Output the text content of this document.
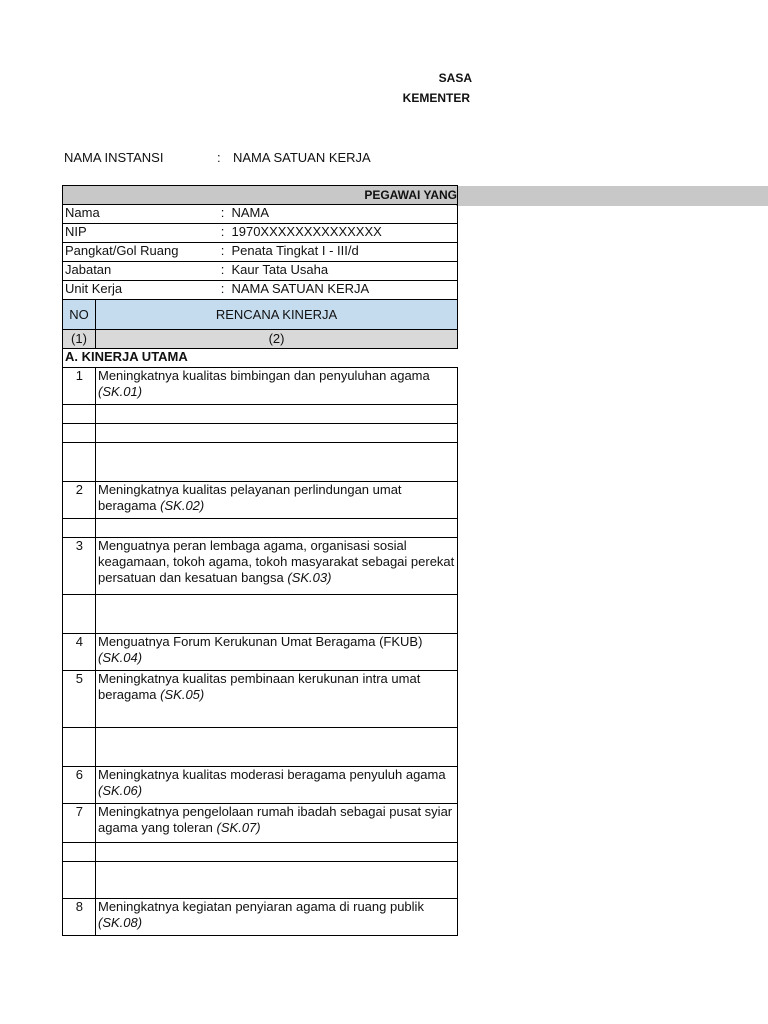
SASA
KEMENTER
NAMA INSTANSI	: NAMA SATUAN KERJA
PEGAWAI YANG			
Nama		:	NAMA
NIP		:	1970XXXXXXXXXXXXXX
Pangkat/Gol Ruang		:	Penata Tingkat I - III/d
Jabatan		:	Kaur Tata Usaha
Unit Kerja		:	NAMA SATUAN KERJA
NO	RENCANA KINERJA		
(1)	(2)		
A. KINERJA UTAMA			
1	Meningkatnya kualitas bimbingan dan penyuluhan agama (SK.01)		

2	Meningkatnya kualitas pelayanan perlindungan umat beragama (SK.02)		

3	Menguatnya peran lembaga agama, organisasi sosial keagamaan, tokoh agama, tokoh masyarakat sebagai perekat persatuan dan kesatuan bangsa (SK.03)		

4	Menguatnya Forum Kerukunan Umat Beragama (FKUB) (SK.04)		
5	Meningkatnya kualitas pembinaan kerukunan intra umat beragama (SK.05)		

6	Meningkatnya kualitas moderasi beragama penyuluh agama (SK.06)		
7	Meningkatnya pengelolaan rumah ibadah sebagai pusat syiar agama yang toleran (SK.07)		

8	Meningkatnya kegiatan penyiaran agama di ruang publik (SK.08)		
